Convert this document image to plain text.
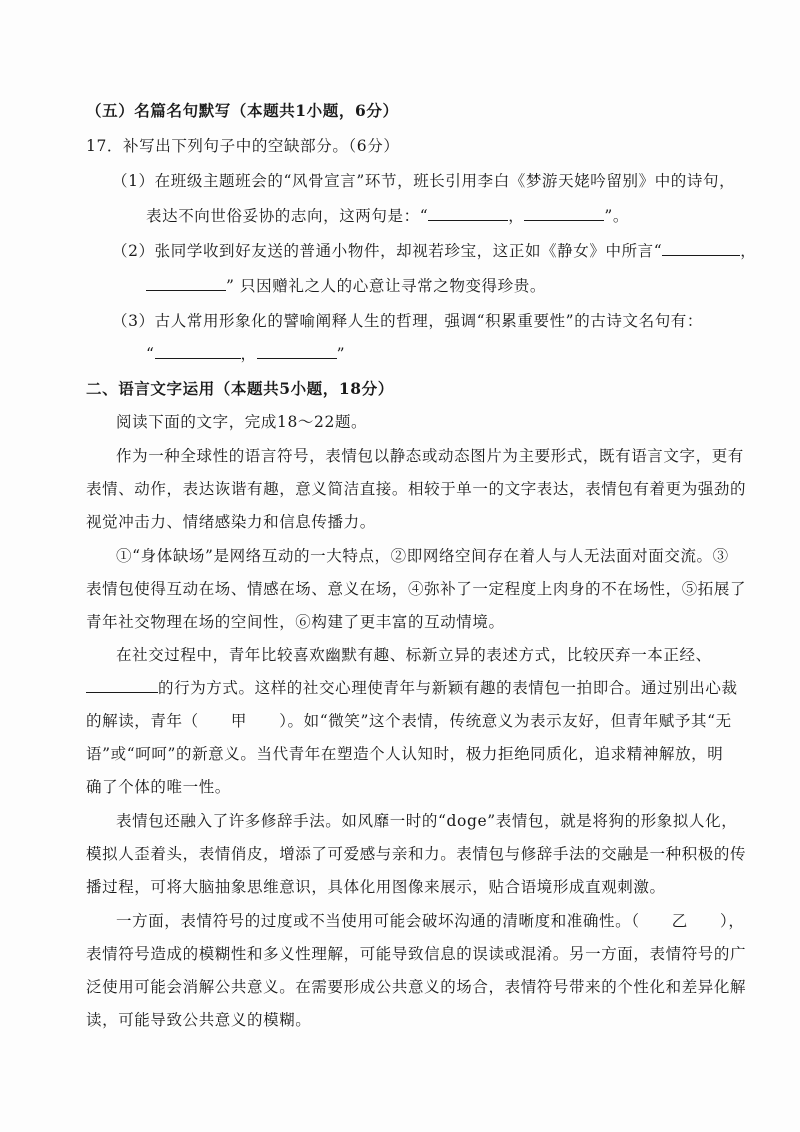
（五）名篇名句默写（本题共1小题，6分）
17．补写出下列句子中的空缺部分。（6分）
（1）在班级主题班会的“风骨宣言”环节，班长引用李白《梦游天姥吟留别》中的诗句，
表达不向世俗妥协的志向，这两句是：“	，	”。
（2）张同学收到好友送的普通小物件，却视若珍宝，这正如《静女》中所言“	，
” 只因赠礼之人的心意让寻常之物变得珍贵。
（3）古人常用形象化的譬喻阐释人生的哲理，强调“积累重要性”的古诗文名句有：
“	，	”
二、语言文字运用（本题共5小题，18分）
阅读下面的文字，完成18～22题。
作为一种全球性的语言符号，表情包以静态或动态图片为主要形式，既有语言文字，更有
表情、动作，表达诙谐有趣，意义简洁直接。相较于单一的文字表达，表情包有着更为强劲的
视觉冲击力、情绪感染力和信息传播力。
①“身体缺场”是网络互动的一大特点，②即网络空间存在着人与人无法面对面交流。③
表情包使得互动在场、情感在场、意义在场，④弥补了一定程度上肉身的不在场性，⑤拓展了
青年社交物理在场的空间性，⑥构建了更丰富的互动情境。
在社交过程中，青年比较喜欢幽默有趣、标新立异的表述方式，比较厌弃一本正经、
的行为方式。这样的社交心理使青年与新颖有趣的表情包一拍即合。通过别出心裁
的解读，青年（　　甲　　）。如“微笑”这个表情，传统意义为表示友好，但青年赋予其“无
语”或“呵呵”的新意义。当代青年在塑造个人认知时，极力拒绝同质化，追求精神解放，明
确了个体的唯一性。
表情包还融入了许多修辞手法。如风靡一时的“doge”表情包，就是将狗的形象拟人化，
模拟人歪着头，表情俏皮，增添了可爱感与亲和力。表情包与修辞手法的交融是一种积极的传
播过程，可将大脑抽象思维意识，具体化用图像来展示，贴合语境形成直观刺激。
一方面，表情符号的过度或不当使用可能会破坏沟通的清晰度和准确性。（　　乙　　），
表情符号造成的模糊性和多义性理解，可能导致信息的误读或混淆。另一方面，表情符号的广
泛使用可能会消解公共意义。在需要形成公共意义的场合，表情符号带来的个性化和差异化解
读，可能导致公共意义的模糊。
